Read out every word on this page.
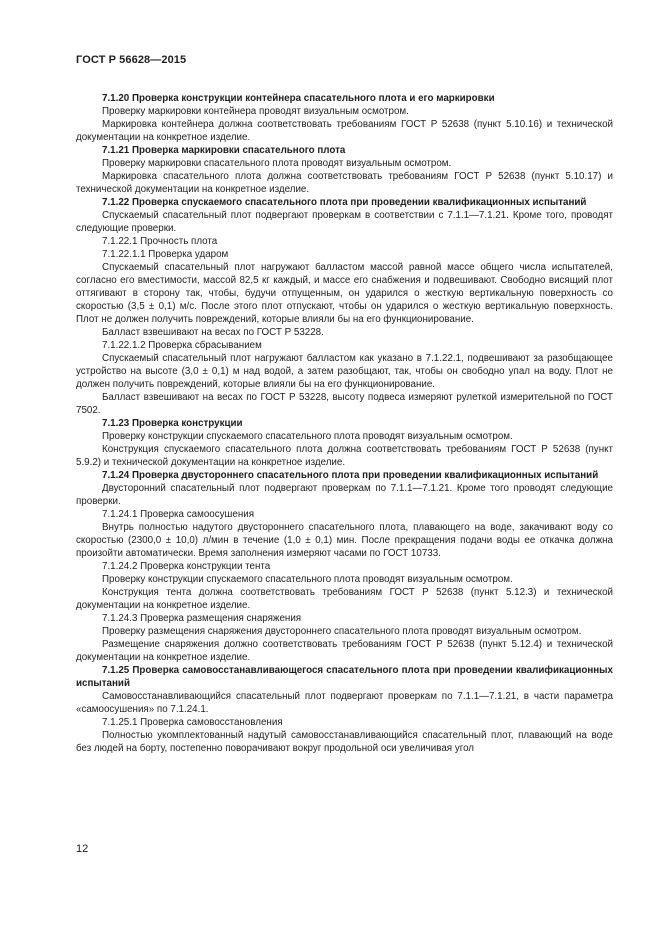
ГОСТ Р 56628—2015

7.1.20 Проверка конструкции контейнера спасательного плота и его маркировки

Проверку маркировки контейнера проводят визуальным осмотром.

Маркировка контейнера должна соответствовать требованиям ГОСТ Р 52638 (пункт 5.10.16) и технической документации на конкретное изделие.

7.1.21 Проверка маркировки спасательного плота

Проверку маркировки спасательного плота проводят визуальным осмотром.

Маркировка спасательного плота должна соответствовать требованиям ГОСТ Р 52638 (пункт 5.10.17) и технической документации на конкретное изделие.

7.1.22 Проверка спускаемого спасательного плота при проведении квалификационных испытаний

Спускаемый спасательный плот подвергают проверкам в соответствии с 7.1.1—7.1.21. Кроме того, проводят следующие проверки.

7.1.22.1 Прочность плота

7.1.22.1.1 Проверка ударом

Спускаемый спасательный плот нагружают балластом массой равной массе общего числа испытателей, согласно его вместимости, массой 82,5 кг каждый, и массе его снабжения и подвешивают. Свободно висящий плот оттягивают в сторону так, чтобы, будучи отпущенным, он ударился о жесткую вертикальную поверхность со скоростью (3,5 ± 0,1) м/с. После этого плот отпускают, чтобы он ударился о жесткую вертикальную поверхность. Плот не должен получить повреждений, которые влияли бы на его функционирование.

Балласт взвешивают на весах по ГОСТ Р 53228.

7.1.22.1.2 Проверка сбрасыванием

Спускаемый спасательный плот нагружают балластом как указано в 7.1.22.1, подвешивают за разобщающее устройство на высоте (3,0 ± 0,1) м над водой, а затем разобщают, так, чтобы он свободно упал на воду. Плот не должен получить повреждений, которые влияли бы на его функционирование.

Балласт взвешивают на весах по ГОСТ Р 53228, высоту подвеса измеряют рулеткой измерительной по ГОСТ 7502.

7.1.23 Проверка конструкции

Проверку конструкции спускаемого спасательного плота проводят визуальным осмотром.

Конструкция спускаемого спасательного плота должна соответствовать требованиям ГОСТ Р 52638 (пункт 5.9.2) и технической документации на конкретное изделие.

7.1.24 Проверка двустороннего спасательного плота при проведении квалификационных испытаний

Двусторонний спасательный плот подвергают проверкам по 7.1.1—7.1.21. Кроме того проводят следующие проверки.

7.1.24.1 Проверка самоосушения

Внутрь полностью надутого двустороннего спасательного плота, плавающего на воде, закачивают воду со скоростью (2300,0 ± 10,0) л/мин в течение (1,0 ± 0,1) мин. После прекращения подачи воды ее откачка должна произойти автоматически. Время заполнения измеряют часами по ГОСТ 10733.

7.1.24.2 Проверка конструкции тента

Проверку конструкции спускаемого спасательного плота проводят визуальным осмотром.

Конструкция тента должна соответствовать требованиям ГОСТ Р 52638 (пункт 5.12.3) и технической документации на конкретное изделие.

7.1.24.3 Проверка размещения снаряжения

Проверку размещения снаряжения двустороннего спасательного плота проводят визуальным осмотром.

Размещение снаряжения должно соответствовать требованиям ГОСТ Р 52638 (пункт 5.12.4) и технической документации на конкретное изделие.

7.1.25 Проверка самовосстанавливающегося спасательного плота при проведении квалификационных испытаний

Самовосстанавливающийся спасательный плот подвергают проверкам по 7.1.1—7.1.21, в части параметра «самоосушения» по 7.1.24.1.

7.1.25.1 Проверка самовосстановления

Полностью укомплектованный надутый самовосстанавливающийся спасательный плот, плавающий на воде без людей на борту, постепенно поворачивают вокруг продольной оси увеличивая угол

12
